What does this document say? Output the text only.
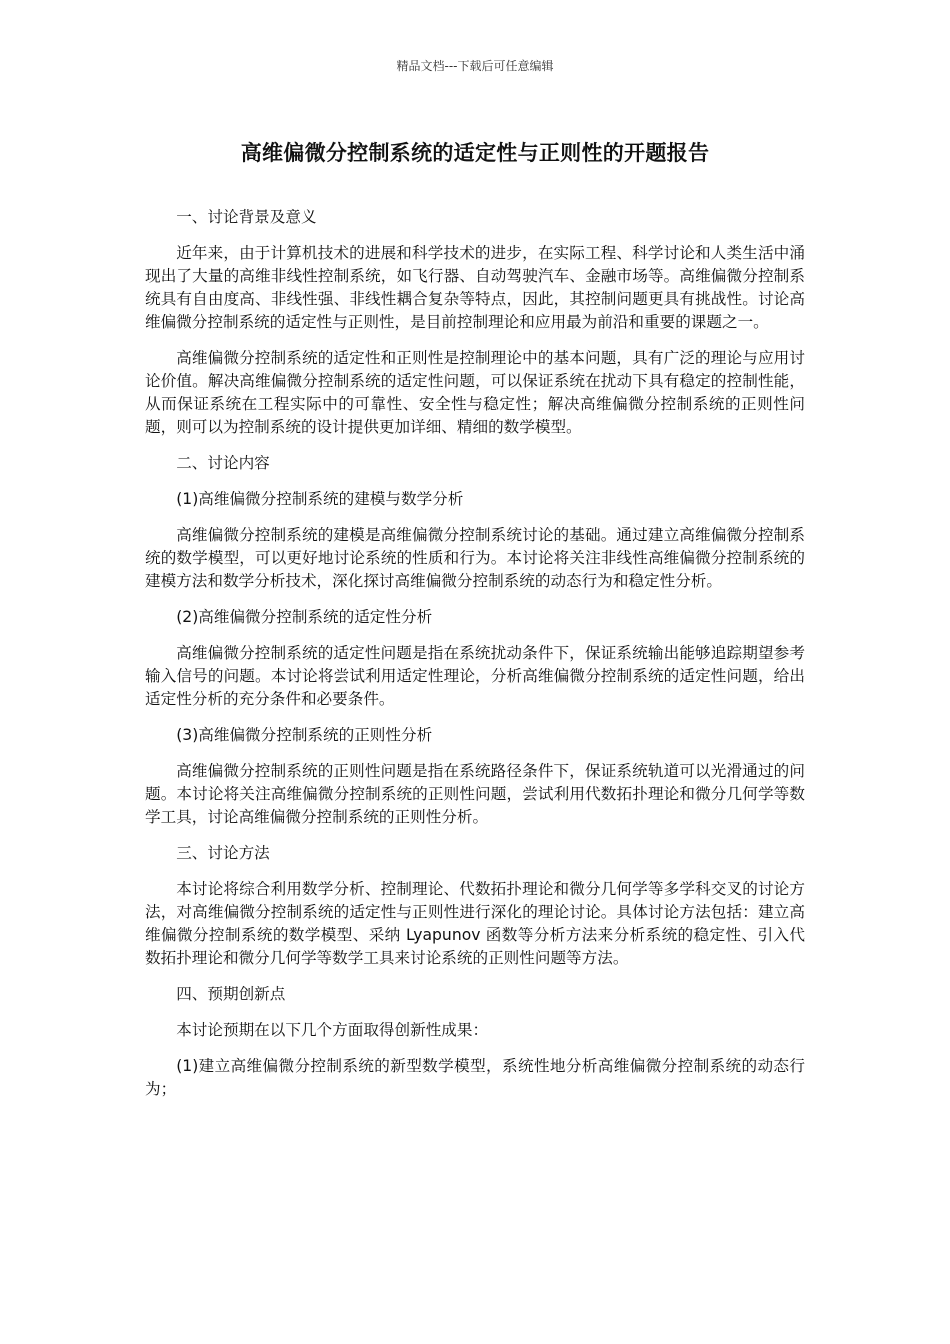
精品文档---下载后可任意编辑
高维偏微分控制系统的适定性与正则性的开题报告
一、讨论背景及意义
近年来，由于计算机技术的进展和科学技术的进步，在实际工程、科学讨论和人类生活中涌现出了大量的高维非线性控制系统，如飞行器、自动驾驶汽车、金融市场等。高维偏微分控制系统具有自由度高、非线性强、非线性耦合复杂等特点，因此，其控制问题更具有挑战性。讨论高维偏微分控制系统的适定性与正则性，是目前控制理论和应用最为前沿和重要的课题之一。
高维偏微分控制系统的适定性和正则性是控制理论中的基本问题，具有广泛的理论与应用讨论价值。解决高维偏微分控制系统的适定性问题，可以保证系统在扰动下具有稳定的控制性能，从而保证系统在工程实际中的可靠性、安全性与稳定性；解决高维偏微分控制系统的正则性问题，则可以为控制系统的设计提供更加详细、精细的数学模型。
二、讨论内容
(1)高维偏微分控制系统的建模与数学分析
高维偏微分控制系统的建模是高维偏微分控制系统讨论的基础。通过建立高维偏微分控制系统的数学模型，可以更好地讨论系统的性质和行为。本讨论将关注非线性高维偏微分控制系统的建模方法和数学分析技术，深化探讨高维偏微分控制系统的动态行为和稳定性分析。
(2)高维偏微分控制系统的适定性分析
高维偏微分控制系统的适定性问题是指在系统扰动条件下，保证系统输出能够追踪期望参考输入信号的问题。本讨论将尝试利用适定性理论，分析高维偏微分控制系统的适定性问题，给出适定性分析的充分条件和必要条件。
(3)高维偏微分控制系统的正则性分析
高维偏微分控制系统的正则性问题是指在系统路径条件下，保证系统轨道可以光滑通过的问题。本讨论将关注高维偏微分控制系统的正则性问题，尝试利用代数拓扑理论和微分几何学等数学工具，讨论高维偏微分控制系统的正则性分析。
三、讨论方法
本讨论将综合利用数学分析、控制理论、代数拓扑理论和微分几何学等多学科交叉的讨论方法，对高维偏微分控制系统的适定性与正则性进行深化的理论讨论。具体讨论方法包括：建立高维偏微分控制系统的数学模型、采纳 Lyapunov 函数等分析方法来分析系统的稳定性、引入代数拓扑理论和微分几何学等数学工具来讨论系统的正则性问题等方法。
四、预期创新点
本讨论预期在以下几个方面取得创新性成果：
(1)建立高维偏微分控制系统的新型数学模型，系统性地分析高维偏微分控制系统的动态行为；
